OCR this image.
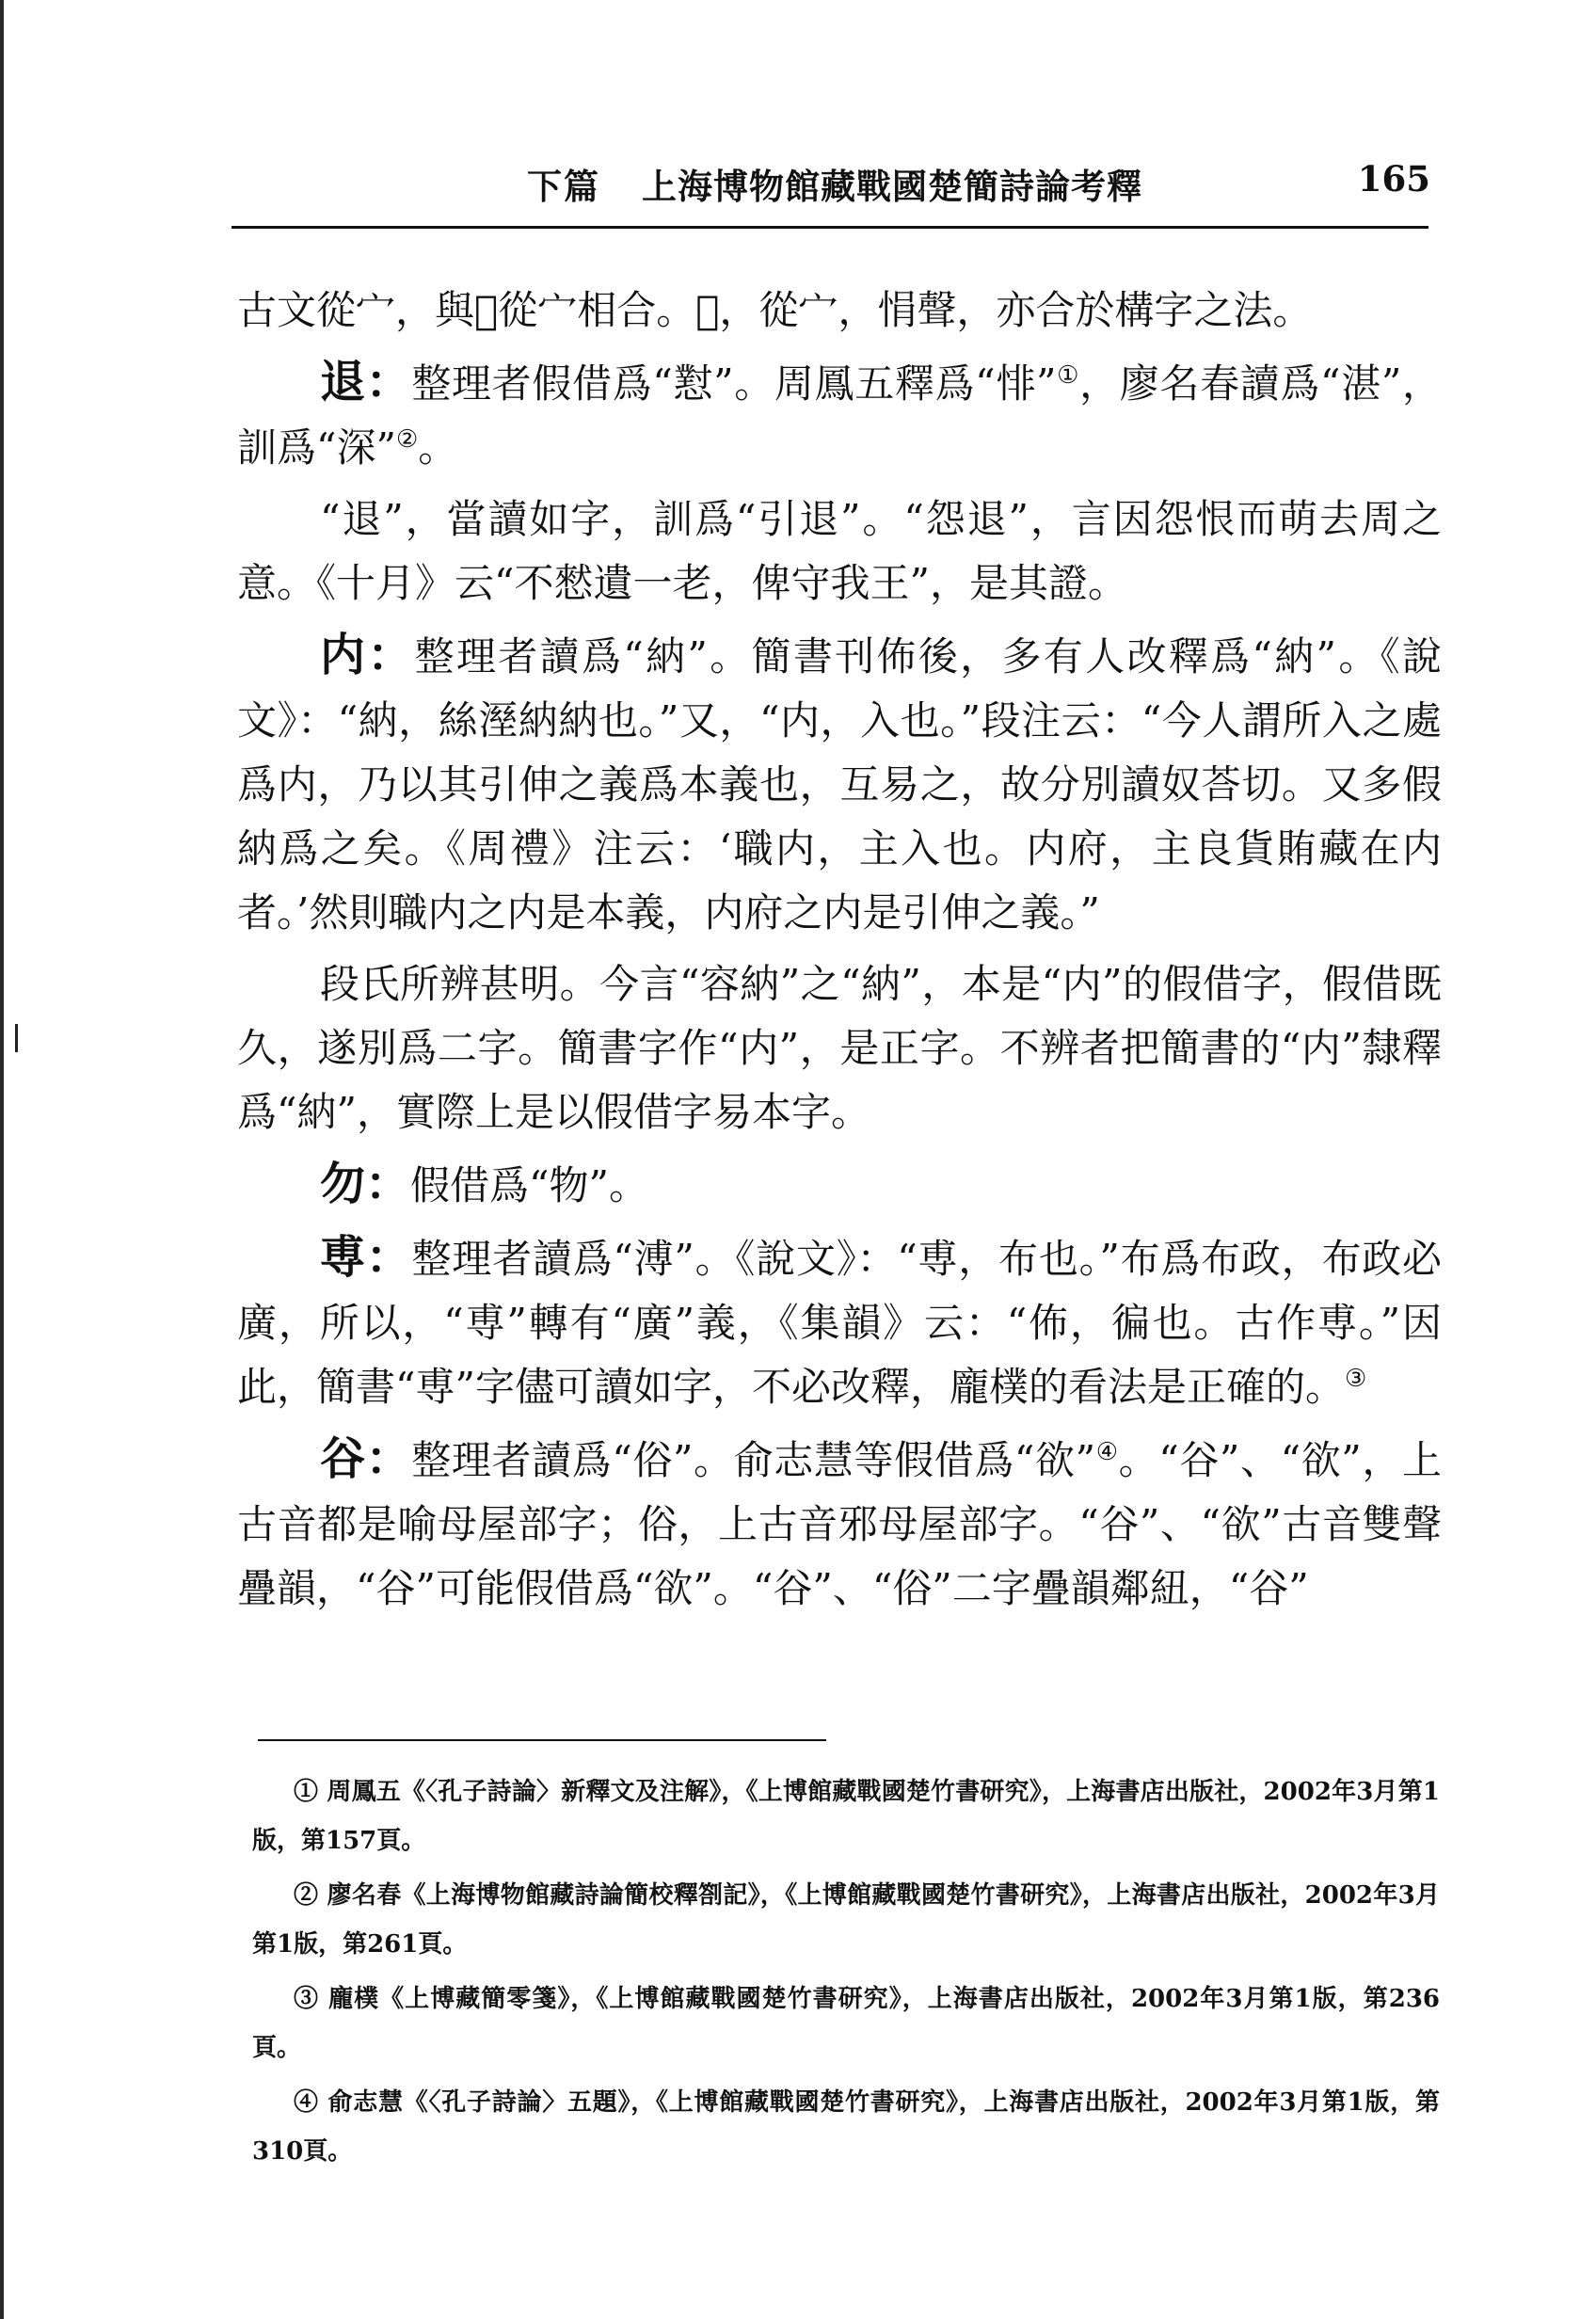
下篇 上海博物館藏戰國楚簡詩論考釋	165

古文從宀，與𡩜從宀相合。𡩜，從宀，悁聲，亦合於構字之法。

退：整理者假借爲“懟”。周鳳五釋爲“悱”①，廖名春讀爲“湛”，訓爲“深”②。

“退”，當讀如字，訓爲“引退”。“怨退”，言因怨恨而萌去周之意。《十月》云“不憖遺一老，俾守我王”，是其證。

内：整理者讀爲“納”。簡書刊佈後，多有人改釋爲“納”。《說文》：“納，絲溼納納也。”又，“内，入也。”段注云：“今人謂所入之處爲内，乃以其引伸之義爲本義也，互易之，故分別讀奴荅切。又多假納爲之矣。《周禮》注云：‘職内，主入也。内府，主良貨賄藏在内者。’然則職内之内是本義，内府之内是引伸之義。”

段氏所辨甚明。今言“容納”之“納”，本是“内”的假借字，假借既久，遂別爲二字。簡書字作“内”，是正字。不辨者把簡書的“内”隸釋爲“納”，實際上是以假借字易本字。

勿：假借爲“物”。

尃：整理者讀爲“溥”。《說文》：“尃，布也。”布爲布政，布政必廣，所以，“尃”轉有“廣”義，《集韻》云：“佈，徧也。古作尃。”因此，簡書“尃”字儘可讀如字，不必改釋，龐樸的看法是正確的。③

谷：整理者讀爲“俗”。俞志慧等假借爲“欲”④。“谷”、“欲”，上古音都是喻母屋部字；俗，上古音邪母屋部字。“谷”、“欲”古音雙聲疊韻，“谷”可能假借爲“欲”。“谷”、“俗”二字疊韻鄰紐，“谷”

① 周鳳五《〈孔子詩論〉新釋文及注解》，《上博館藏戰國楚竹書研究》，上海書店出版社，2002年3月第1版，第157頁。

② 廖名春《上海博物館藏詩論簡校釋劄記》，《上博館藏戰國楚竹書研究》，上海書店出版社，2002年3月第1版，第261頁。

③ 龐樸《上博藏簡零箋》，《上博館藏戰國楚竹書研究》，上海書店出版社，2002年3月第1版，第236頁。

④ 俞志慧《〈孔子詩論〉五題》，《上博館藏戰國楚竹書研究》，上海書店出版社，2002年3月第1版，第310頁。
